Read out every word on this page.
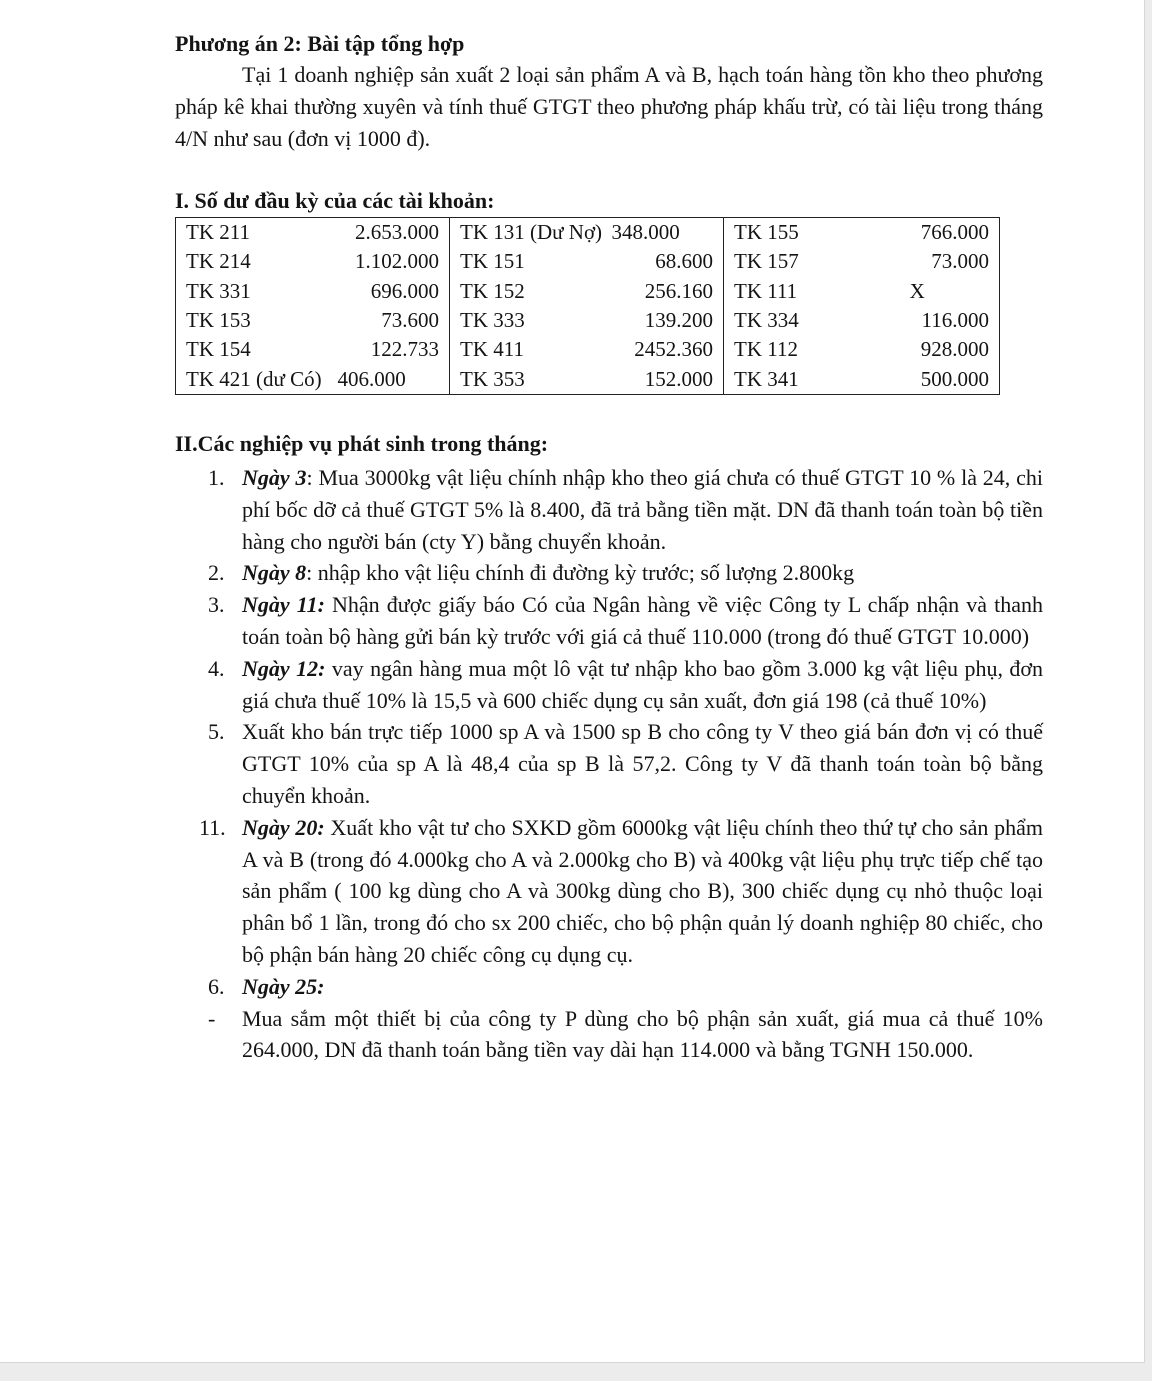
Phương án 2: Bài tập tổng hợp

Tại 1 doanh nghiệp sản xuất 2 loại sản phẩm A và B, hạch toán hàng tồn kho theo phương pháp kê khai thường xuyên và tính thuế GTGT theo phương pháp khấu trừ, có tài liệu trong tháng 4/N như sau (đơn vị 1000 đ).

I. Số dư đầu kỳ của các tài khoản:
TK 211	2.653.000	TK 131 (Dư Nợ)	348.000	TK 155	766.000
TK 214	1.102.000	TK 151	68.600	TK 157	73.000
TK 331	696.000	TK 152	256.160	TK 111	X
TK 153	73.600	TK 333	139.200	TK 334	116.000
TK 154	122.733	TK 411	2452.360	TK 112	928.000
TK 421 (dư Có)	406.000	TK 353	152.000	TK 341	500.000
II.Các nghiệp vụ phát sinh trong tháng:
1. Ngày 3: Mua 3000kg vật liệu chính nhập kho theo giá chưa có thuế GTGT 10 % là 24, chi phí bốc dỡ cả thuế GTGT 5% là 8.400, đã trả bằng tiền mặt. DN đã thanh toán toàn bộ tiền hàng cho người bán (cty Y) bằng chuyển khoản.
2. Ngày 8: nhập kho vật liệu chính đi đường kỳ trước; số lượng 2.800kg
3. Ngày 11: Nhận được giấy báo Có của Ngân hàng về việc Công ty L chấp nhận và thanh toán toàn bộ hàng gửi bán kỳ trước với giá cả thuế 110.000 (trong đó thuế GTGT 10.000)
4. Ngày 12: vay ngân hàng mua một lô vật tư nhập kho bao gồm 3.000 kg vật liệu phụ, đơn giá chưa thuế 10% là 15,5 và 600 chiếc dụng cụ sản xuất, đơn giá 198 (cả thuế 10%)
5. Xuất kho bán trực tiếp 1000 sp A và 1500 sp B cho công ty V theo giá bán đơn vị có thuế GTGT 10% của sp A là 48,4 của sp B là 57,2. Công ty V đã thanh toán toàn bộ bằng chuyển khoản.
11. Ngày 20: Xuất kho vật tư cho SXKD gồm 6000kg vật liệu chính theo thứ tự cho sản phẩm A và B (trong đó 4.000kg cho A và 2.000kg cho B) và 400kg vật liệu phụ trực tiếp chế tạo sản phẩm ( 100 kg dùng cho A và 300kg dùng cho B), 300 chiếc dụng cụ nhỏ thuộc loại phân bổ 1 lần, trong đó cho sx 200 chiếc, cho bộ phận quản lý doanh nghiệp 80 chiếc, cho bộ phận bán hàng 20 chiếc công cụ dụng cụ.
6. Ngày 25:
- Mua sắm một thiết bị của công ty P dùng cho bộ phận sản xuất, giá mua cả thuế 10% 264.000, DN đã thanh toán bằng tiền vay dài hạn 114.000 và bằng TGNH 150.000.
